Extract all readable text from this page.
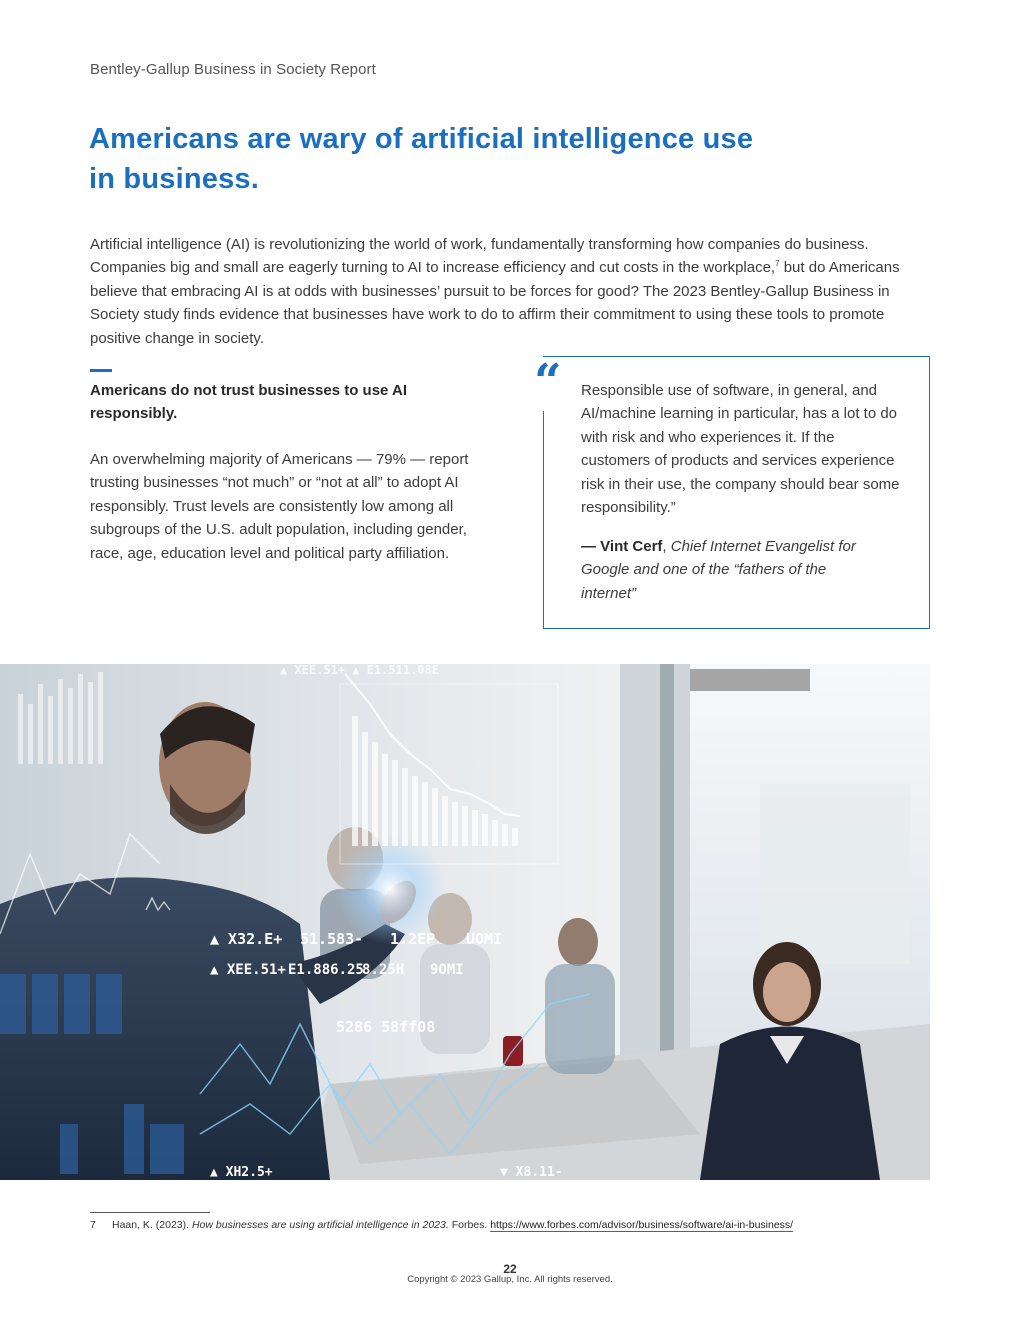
Bentley-Gallup Business in Society Report
Americans are wary of artificial intelligence use
in business.

Artificial intelligence (AI) is revolutionizing the world of work, fundamentally transforming how companies do business. Companies big and small are eagerly turning to AI to increase efficiency and cut costs in the workplace,$^7$ but do Americans believe that embracing AI is at odds with businesses’ pursuit to be forces for good? The 2023 Bentley-Gallup Business in Society study finds evidence that businesses have work to do to affirm their commitment to using these tools to promote positive change in society.

Americans do not trust businesses to use AI responsibly.

An overwhelming majority of Americans — 79% — report trusting businesses “not much” or “not at all” to adopt AI responsibly. Trust levels are consistently low among all subgroups of the U.S. adult population, including gender, race, age, education level and political party affiliation.

“ Responsible use of software, in general, and AI/machine learning in particular, has a lot to do with risk and who experiences it. If the customers of products and services experience risk in their use, the company should bear some responsibility.”

— Vint Cerf, Chief Internet Evangelist for Google and one of the “fathers of the internet”

▲ X32.E+ 51.583- 1.2EP UOMI
▲ XEE.51+ E1.886.25
8.25H 9OMI
5286 58ff08
▲ XH2.5+	▼ X8.11-
▲ XEE.51+ ▲ E1.511.08E

7 Haan, K. (2023). How businesses are using artificial intelligence in 2023. Forbes. https://www.forbes.com/advisor/business/software/ai-in-business/

22
Copyright © 2023 Gallup, Inc. All rights reserved.
